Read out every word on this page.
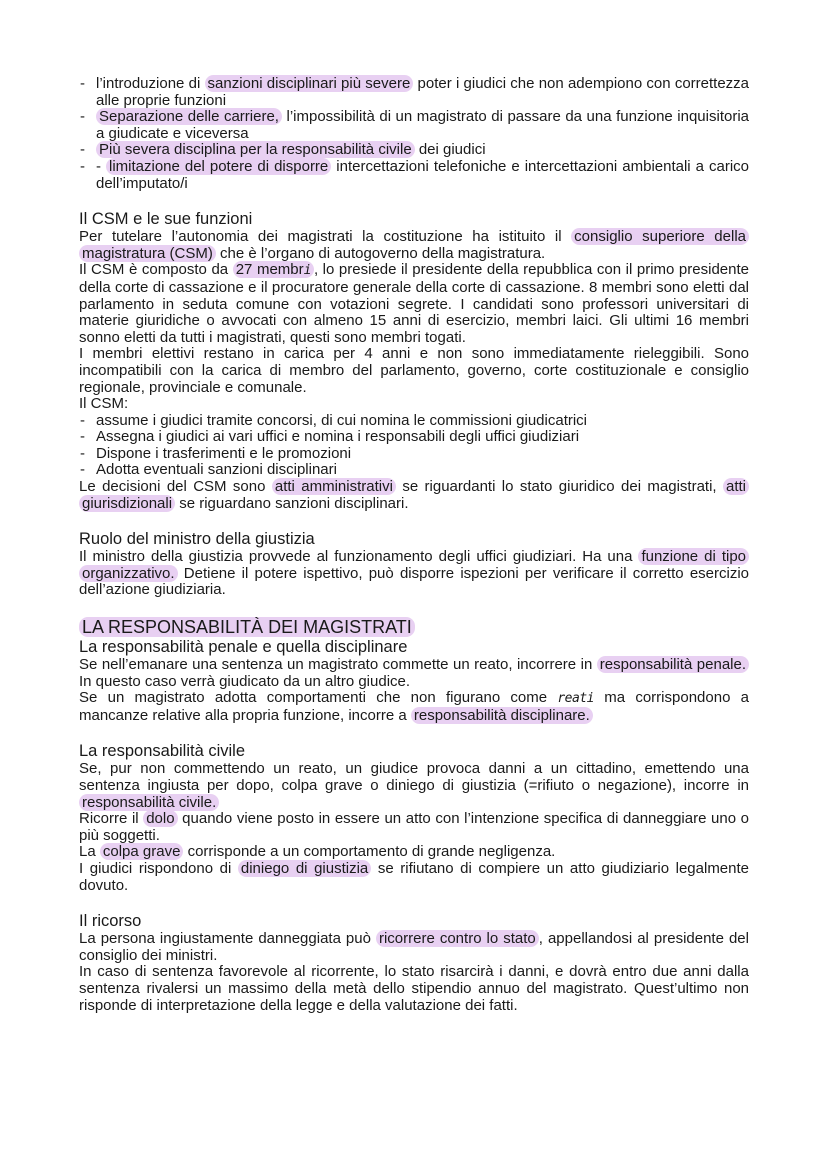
- l’introduzione di sanzioni disciplinari più severe poter i giudici che non adempiono con correttezza alle proprie funzioni
- Separazione delle carriere, l’impossibilità di un magistrato di passare da una funzione inquisitoria a giudicate e viceversa
- Più severa disciplina per la responsabilità civile dei giudici
- - limitazione del potere di disporre intercettazioni telefoniche e intercettazioni ambientali a carico dell’imputato/i
Il CSM e le sue funzioni

Per tutelare l’autonomia dei magistrati la costituzione ha istituito il consiglio superiore della magistratura (CSM) che è l’organo di autogoverno della magistratura.

Il CSM è composto da 27 membri , lo presiede il presidente della repubblica con il primo presidente della corte di cassazione e il procuratore generale della corte di cassazione. 8 membri sono eletti dal parlamento in seduta comune con votazioni segrete. I candidati sono professori universitari di materie giuridiche o avvocati con almeno 15 anni di esercizio, membri laici. Gli ultimi 16 membri sonno eletti da tutti i magistrati, questi sono membri togati.

I membri elettivi restano in carica per 4 anni e non sono immediatamente rieleggibili. Sono incompatibili con la carica di membro del parlamento, governo, corte costituzionale e consiglio regionale, provinciale e comunale.

Il CSM:

- assume i giudici tramite concorsi, di cui nomina le commissioni giudicatrici
- Assegna i giudici ai vari uffici e nomina i responsabili degli uffici giudiziari
- Dispone i trasferimenti e le promozioni
- Adotta eventuali sanzioni disciplinari

Le decisioni del CSM sono atti amministrativi se riguardanti lo stato giuridico dei magistrati, atti giurisdizionali se riguardano sanzioni disciplinari.

Ruolo del ministro della giustizia

Il ministro della giustizia provvede al funzionamento degli uffici giudiziari. Ha una funzione di tipo organizzativo. Detiene il potere ispettivo, può disporre ispezioni per verificare il corretto esercizio dell’azione giudiziaria.

LA RESPONSABILITÀ DEI MAGISTRATI
La responsabilità penale e quella disciplinare

Se nell’emanare una sentenza un magistrato commette un reato, incorrere in responsabilità penale. In questo caso verrà giudicato da un altro giudice.

Se un magistrato adotta comportamenti che non figurano come reati ma corrispondono a mancanze relative alla propria funzione, incorre a responsabilità disciplinare.

La responsabilità civile

Se, pur non commettendo un reato, un giudice provoca danni a un cittadino, emettendo una sentenza ingiusta per dopo, colpa grave o diniego di giustizia (=rifiuto o negazione), incorre in responsabilità civile.

Ricorre il dolo quando viene posto in essere un atto con l’intenzione specifica di danneggiare uno o più soggetti.

La colpa grave corrisponde a un comportamento di grande negligenza.

I giudici rispondono di diniego di giustizia se rifiutano di compiere un atto giudiziario legalmente dovuto.

Il ricorso

La persona ingiustamente danneggiata può ricorrere contro lo stato , appellandosi al presidente del consiglio dei ministri.

In caso di sentenza favorevole al ricorrente, lo stato risarcirà i danni, e dovrà entro due anni dalla sentenza rivalersi un massimo della metà dello stipendio annuo del magistrato. Quest’ultimo non risponde di interpretazione della legge e della valutazione dei fatti.
